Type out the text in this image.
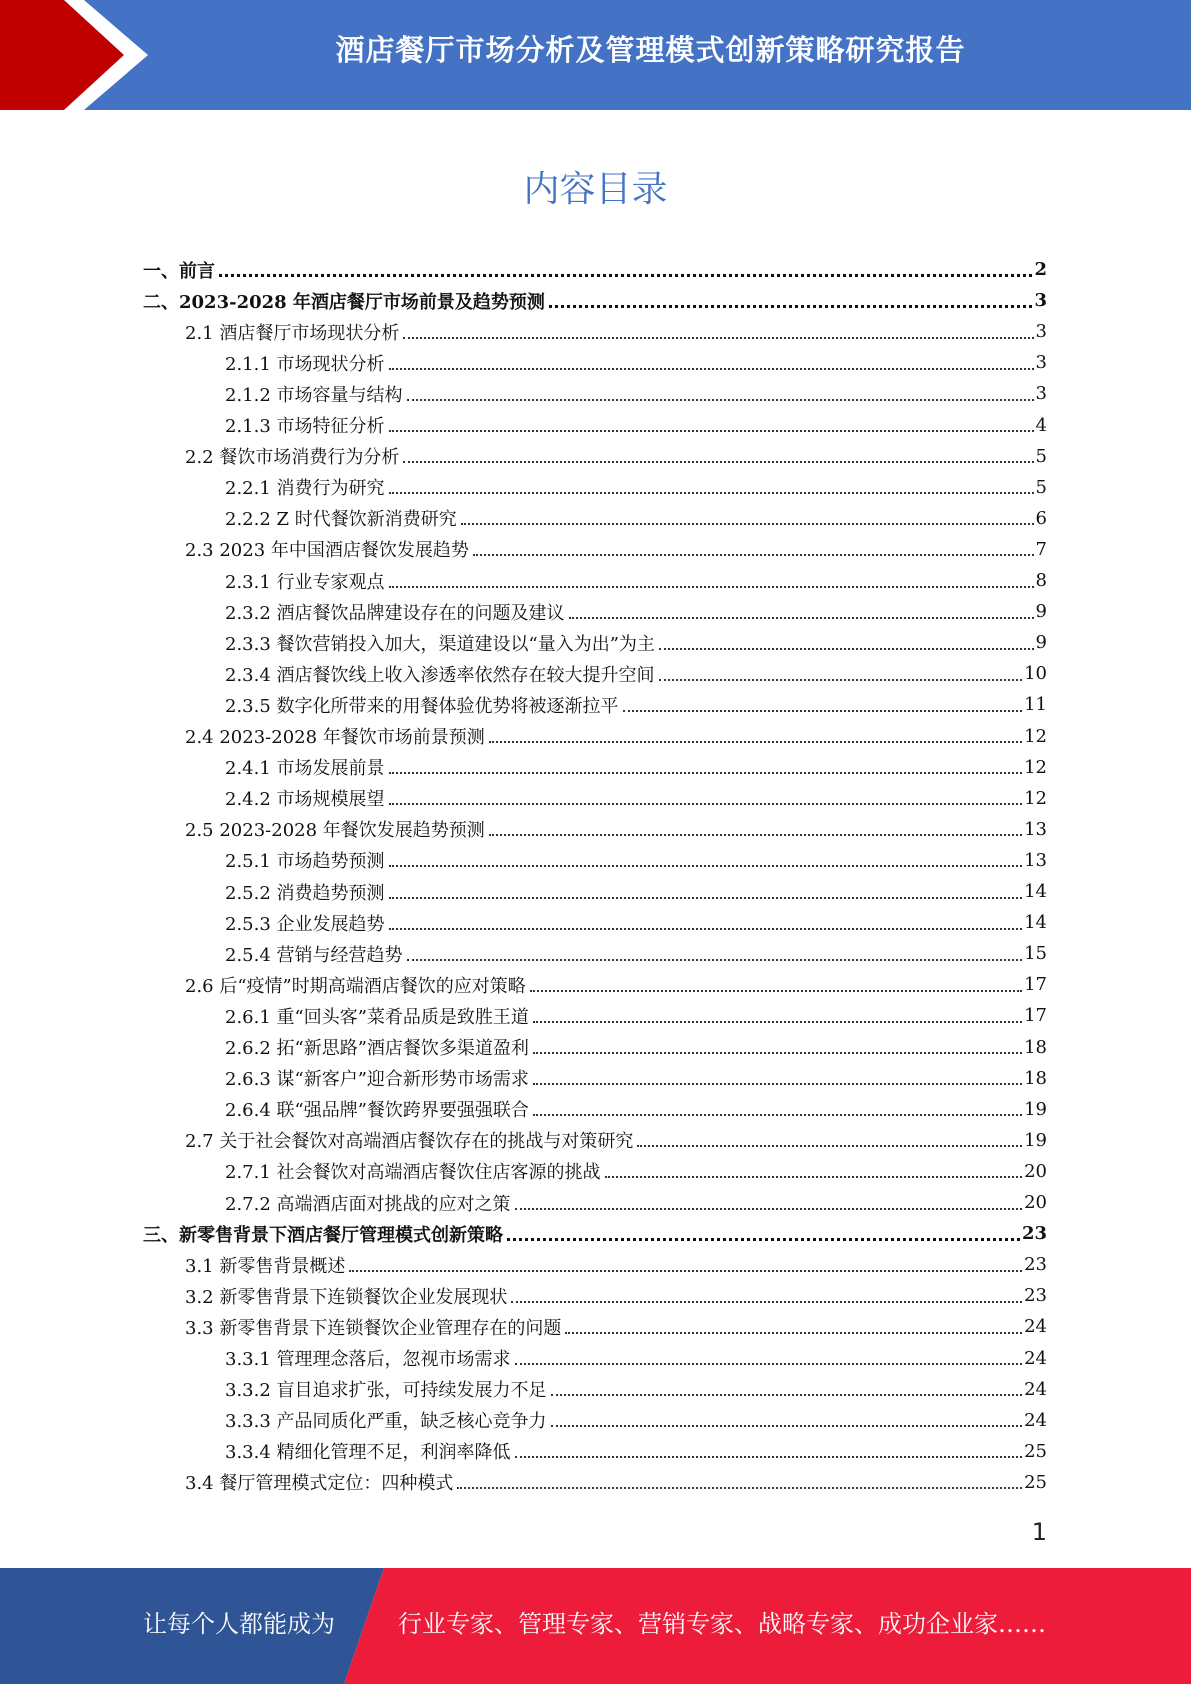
酒店餐厅市场分析及管理模式创新策略研究报告
内容目录
一、前言	2
二、2023-2028 年酒店餐厅市场前景及趋势预测	3
2.1 酒店餐厅市场现状分析	3
2.1.1 市场现状分析	3
2.1.2 市场容量与结构	3
2.1.3 市场特征分析	4
2.2 餐饮市场消费行为分析	5
2.2.1 消费行为研究	5
2.2.2 Z 时代餐饮新消费研究	6
2.3 2023 年中国酒店餐饮发展趋势	7
2.3.1 行业专家观点	8
2.3.2 酒店餐饮品牌建设存在的问题及建议	9
2.3.3 餐饮营销投入加大，渠道建设以“量入为出”为主	9
2.3.4 酒店餐饮线上收入渗透率依然存在较大提升空间	10
2.3.5 数字化所带来的用餐体验优势将被逐渐拉平	11
2.4 2023-2028 年餐饮市场前景预测	12
2.4.1 市场发展前景	12
2.4.2 市场规模展望	12
2.5 2023-2028 年餐饮发展趋势预测	13
2.5.1 市场趋势预测	13
2.5.2 消费趋势预测	14
2.5.3 企业发展趋势	14
2.5.4 营销与经营趋势	15
2.6 后“疫情”时期高端酒店餐饮的应对策略	17
2.6.1 重“回头客”菜肴品质是致胜王道	17
2.6.2 拓“新思路”酒店餐饮多渠道盈利	18
2.6.3 谋“新客户”迎合新形势市场需求	18
2.6.4 联“强品牌”餐饮跨界要强强联合	19
2.7 关于社会餐饮对高端酒店餐饮存在的挑战与对策研究	19
2.7.1 社会餐饮对高端酒店餐饮住店客源的挑战	20
2.7.2 高端酒店面对挑战的应对之策	20
三、新零售背景下酒店餐厅管理模式创新策略	23
3.1 新零售背景概述	23
3.2 新零售背景下连锁餐饮企业发展现状	23
3.3 新零售背景下连锁餐饮企业管理存在的问题	24
3.3.1 管理理念落后，忽视市场需求	24
3.3.2 盲目追求扩张，可持续发展力不足	24
3.3.3 产品同质化严重，缺乏核心竞争力	24
3.3.4 精细化管理不足，利润率降低	25
3.4 餐厅管理模式定位：四种模式	25
1
让每个人都能成为	行业专家、管理专家、营销专家、战略专家、成功企业家……
